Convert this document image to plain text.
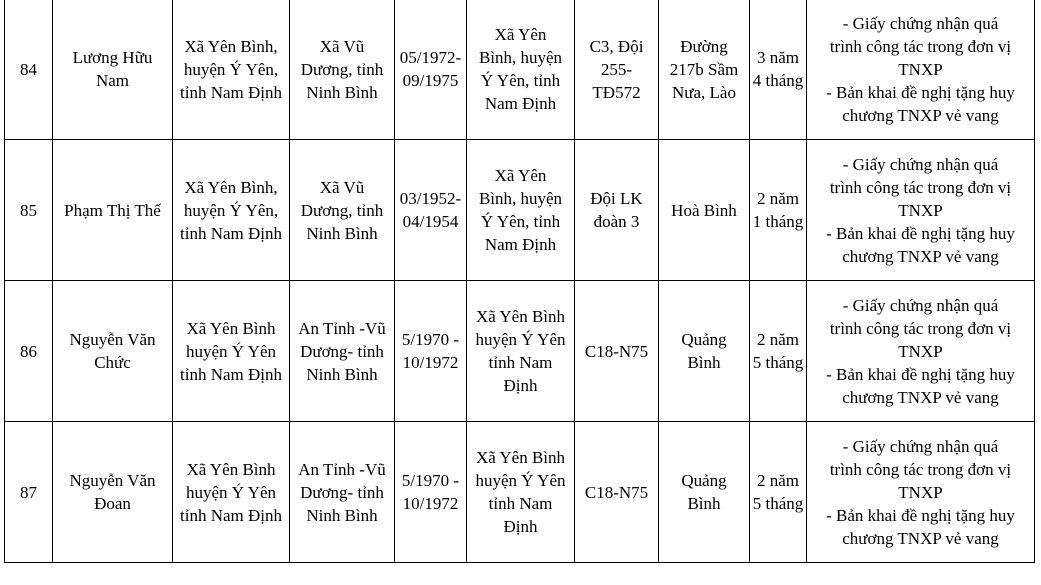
84	Lương Hữu
Nam	Xã Yên Bình,
huyện Ý Yên,
tỉnh Nam Định	Xã Vũ
Dương, tỉnh
Ninh Bình	05/1972-
09/1975	Xã Yên
Bình, huyện
Ý Yên, tỉnh
Nam Định	C3, Đội
255-
TĐ572	Đường
217b Sầm
Nưa, Lào	3 năm
4 tháng	- Giấy chứng nhận quá
trình công tác trong đơn vị
TNXP
- Bản khai đề nghị tặng huy
chương TNXP vẻ vang

85	Phạm Thị Thế	Xã Yên Bình,
huyện Ý Yên,
tỉnh Nam Định	Xã Vũ
Dương, tỉnh
Ninh Bình	03/1952-
04/1954	Xã Yên
Bình, huyện
Ý Yên, tỉnh
Nam Định	Đội LK
đoàn 3	Hoà Bình	2 năm
1 tháng	- Giấy chứng nhận quá
trình công tác trong đơn vị
TNXP
- Bản khai đề nghị tặng huy
chương TNXP vẻ vang

86	Nguyễn Văn
Chức	Xã Yên Bình
huyện Ý Yên
tỉnh Nam Định	An Tỉnh -Vũ
Dương- tỉnh
Ninh Bình	5/1970 -
10/1972	Xã Yên Bình
huyện Ý Yên
tỉnh Nam
Định	C18-N75	Quảng
Bình	2 năm
5 tháng	- Giấy chứng nhận quá
trình công tác trong đơn vị
TNXP
- Bản khai đề nghị tặng huy
chương TNXP vẻ vang

87	Nguyễn Văn
Đoan	Xã Yên Bình
huyện Ý Yên
tỉnh Nam Định	An Tỉnh -Vũ
Dương- tỉnh
Ninh Bình	5/1970 -
10/1972	Xã Yên Bình
huyện Ý Yên
tỉnh Nam
Định	C18-N75	Quảng
Bình	2 năm
5 tháng	- Giấy chứng nhận quá
trình công tác trong đơn vị
TNXP
- Bản khai đề nghị tặng huy
chương TNXP vẻ vang
